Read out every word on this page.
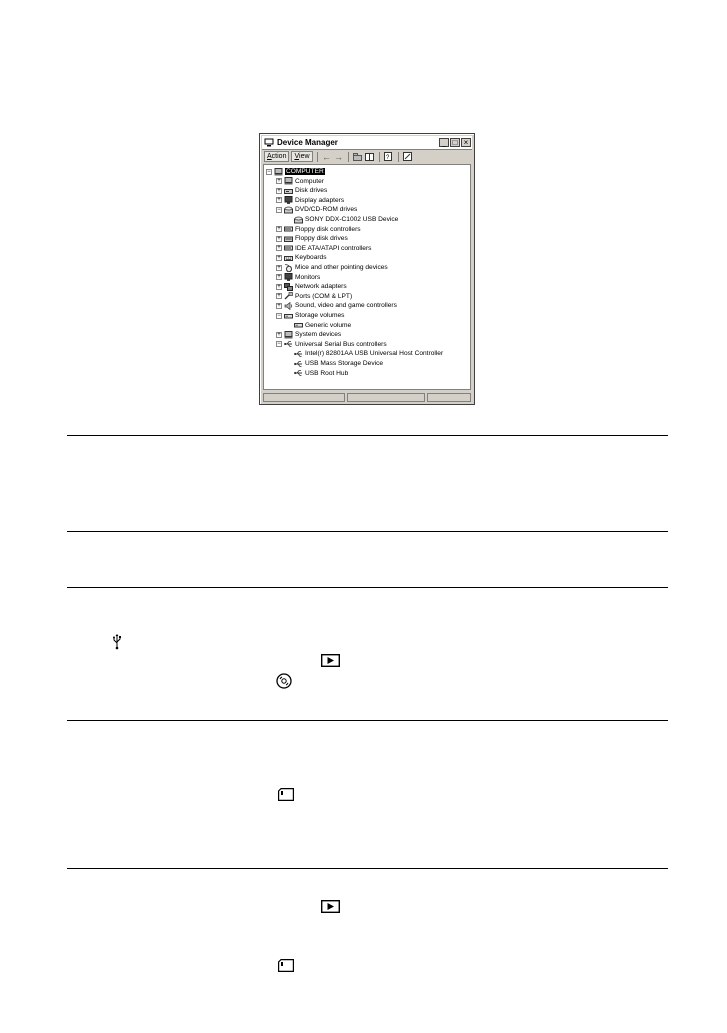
Device Manager	_ □ ×
Action	View	← →	?
− COMPUTER
+ Computer
+ Disk drives
+ Display adapters
− DVD/CD-ROM drives
SONY DDX-C1002 USB Device
+ Floppy disk controllers
+ Floppy disk drives
+ IDE ATA/ATAPI controllers
+ Keyboards
+ Mice and other pointing devices
+ Monitors
+ Network adapters
+ Ports (COM & LPT)
+ Sound, video and game controllers
− Storage volumes
Generic volume
+ System devices
− Universal Serial Bus controllers
Intel(r) 82801AA USB Universal Host Controller
USB Mass Storage Device
USB Root Hub
